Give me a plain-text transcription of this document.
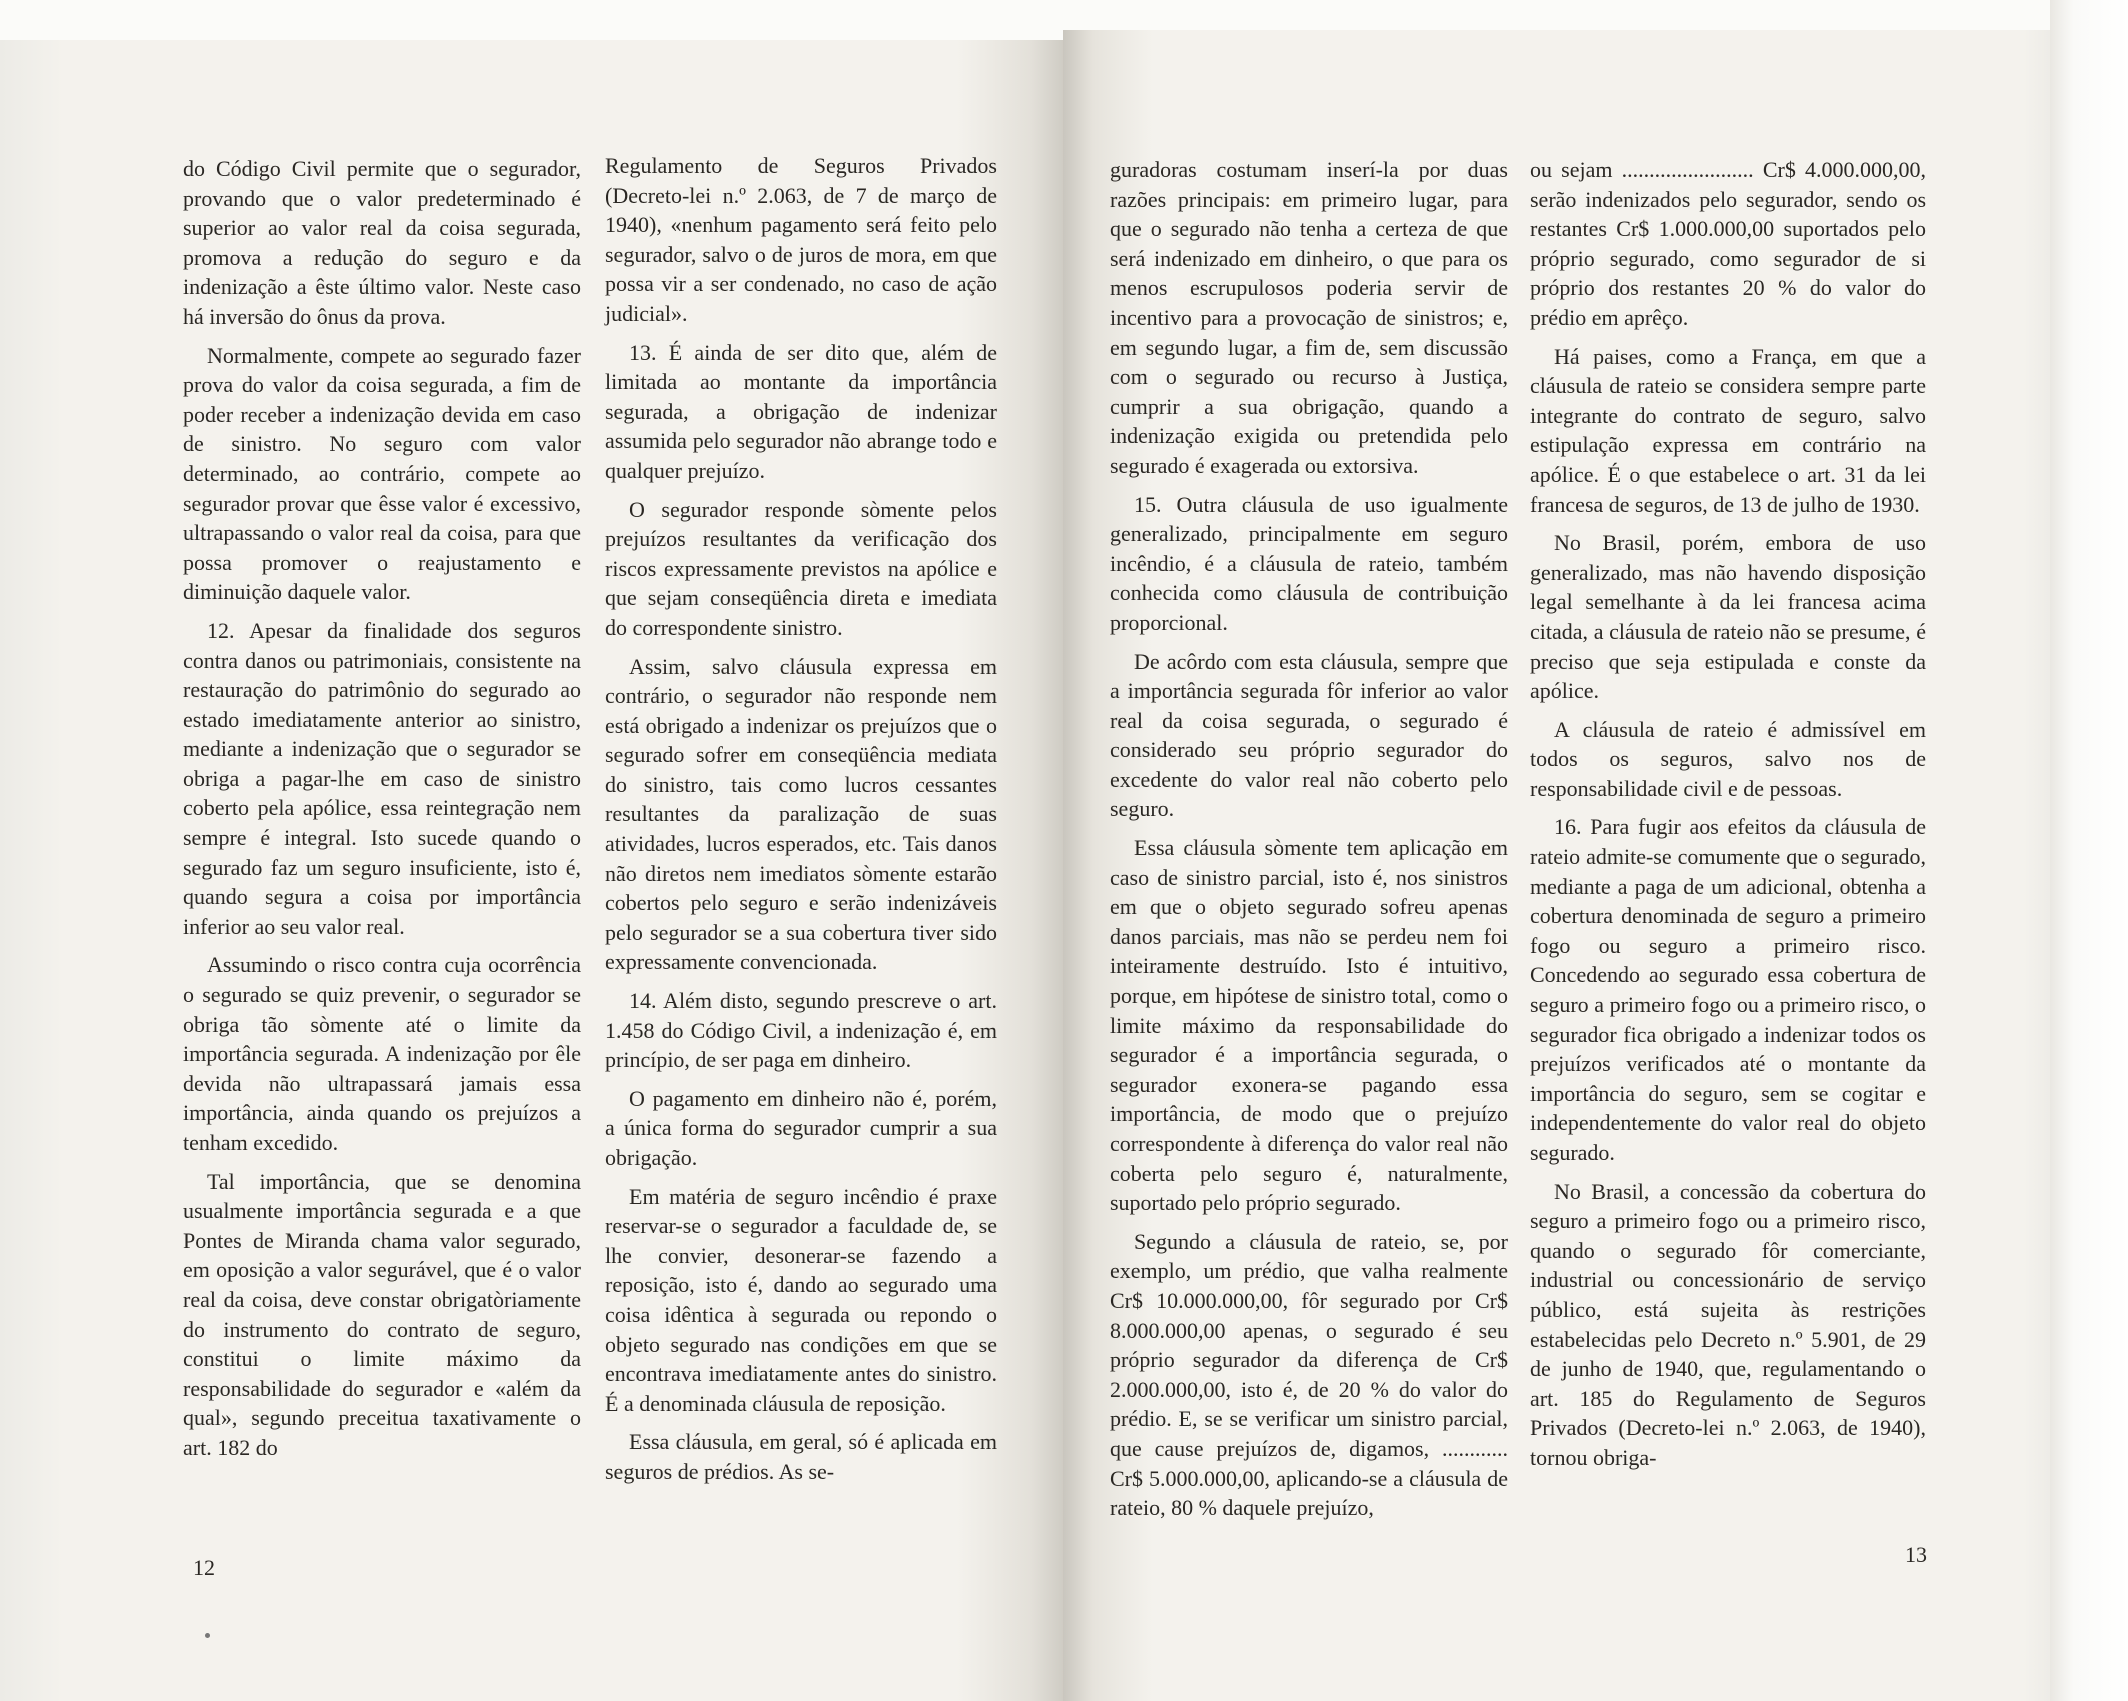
do Código Civil permite que o segurador, provando que o valor predeterminado é superior ao valor real da coisa segurada, promova a redução do seguro e da indenização a êste último valor. Neste caso há inversão do ônus da prova.

Normalmente, compete ao segurado fazer prova do valor da coisa segurada, a fim de poder receber a indenização devida em caso de sinistro. No seguro com valor determinado, ao contrário, compete ao segurador provar que êsse valor é excessivo, ultrapassando o valor real da coisa, para que possa promover o reajustamento e diminuição daquele valor.

12. Apesar da finalidade dos seguros contra danos ou patrimoniais, consistente na restauração do patrimônio do segurado ao estado imediatamente anterior ao sinistro, mediante a indenização que o segurador se obriga a pagar-lhe em caso de sinistro coberto pela apólice, essa reintegração nem sempre é integral. Isto sucede quando o segurado faz um seguro insuficiente, isto é, quando segura a coisa por importância inferior ao seu valor real.

Assumindo o risco contra cuja ocorrência o segurado se quiz prevenir, o segurador se obriga tão sòmente até o limite da importância segurada. A indenização por êle devida não ultrapassará jamais essa importância, ainda quando os prejuízos a tenham excedido.

Tal importância, que se denomina usualmente importância segurada e a que Pontes de Miranda chama valor segurado, em oposição a valor segurável, que é o valor real da coisa, deve constar obrigatòriamente do instrumento do contrato de seguro, constitui o limite máximo da responsabilidade do segurador e «além da qual», segundo preceitua taxativamente o art. 182 do

Regulamento de Seguros Privados (Decreto-lei n.º 2.063, de 7 de março de 1940), «nenhum pagamento será feito pelo segurador, salvo o de juros de mora, em que possa vir a ser condenado, no caso de ação judicial».

13. É ainda de ser dito que, além de limitada ao montante da importância segurada, a obrigação de indenizar assumida pelo segurador não abrange todo e qualquer prejuízo.

O segurador responde sòmente pelos prejuízos resultantes da verificação dos riscos expressamente previstos na apólice e que sejam conseqüência direta e imediata do correspondente sinistro.

Assim, salvo cláusula expressa em contrário, o segurador não responde nem está obrigado a indenizar os prejuízos que o segurado sofrer em conseqüência mediata do sinistro, tais como lucros cessantes resultantes da paralização de suas atividades, lucros esperados, etc. Tais danos não diretos nem imediatos sòmente estarão cobertos pelo seguro e serão indenizáveis pelo segurador se a sua cobertura tiver sido expressamente convencionada.

14. Além disto, segundo prescreve o art. 1.458 do Código Civil, a indenização é, em princípio, de ser paga em dinheiro.

O pagamento em dinheiro não é, porém, a única forma do segurador cumprir a sua obrigação.

Em matéria de seguro incêndio é praxe reservar-se o segurador a faculdade de, se lhe convier, desonerar-se fazendo a reposição, isto é, dando ao segurado uma coisa idêntica à segurada ou repondo o objeto segurado nas condições em que se encontrava imediatamente antes do sinistro. É a denominada cláusula de reposição.

Essa cláusula, em geral, só é aplicada em seguros de prédios. As se-

guradoras costumam inserí-la por duas razões principais: em primeiro lugar, para que o segurado não tenha a certeza de que será indenizado em dinheiro, o que para os menos escrupulosos poderia servir de incentivo para a provocação de sinistros; e, em segundo lugar, a fim de, sem discussão com o segurado ou recurso à Justiça, cumprir a sua obrigação, quando a indenização exigida ou pretendida pelo segurado é exagerada ou extorsiva.

15. Outra cláusula de uso igualmente generalizado, principalmente em seguro incêndio, é a cláusula de rateio, também conhecida como cláusula de contribuição proporcional.

De acôrdo com esta cláusula, sempre que a importância segurada fôr inferior ao valor real da coisa segurada, o segurado é considerado seu próprio segurador do excedente do valor real não coberto pelo seguro.

Essa cláusula sòmente tem aplicação em caso de sinistro parcial, isto é, nos sinistros em que o objeto segurado sofreu apenas danos parciais, mas não se perdeu nem foi inteiramente destruído. Isto é intuitivo, porque, em hipótese de sinistro total, como o limite máximo da responsabilidade do segurador é a importância segurada, o segurador exonera-se pagando essa importância, de modo que o prejuízo correspondente à diferença do valor real não coberta pelo seguro é, naturalmente, suportado pelo próprio segurado.

Segundo a cláusula de rateio, se, por exemplo, um prédio, que valha realmente Cr$ 10.000.000,00, fôr segurado por Cr$ 8.000.000,00 apenas, o segurado é seu próprio segurador da diferença de Cr$ 2.000.000,00, isto é, de 20 % do valor do prédio. E, se se verificar um sinistro parcial, que cause prejuízos de, digamos, ............ Cr$ 5.000.000,00, aplicando-se a cláusula de rateio, 80 % daquele prejuízo,

ou sejam ........................ Cr$ 4.000.000,00, serão indenizados pelo segurador, sendo os restantes Cr$ 1.000.000,00 suportados pelo próprio segurado, como segurador de si próprio dos restantes 20 % do valor do prédio em aprêço.

Há paises, como a França, em que a cláusula de rateio se considera sempre parte integrante do contrato de seguro, salvo estipulação expressa em contrário na apólice. É o que estabelece o art. 31 da lei francesa de seguros, de 13 de julho de 1930.

No Brasil, porém, embora de uso generalizado, mas não havendo disposição legal semelhante à da lei francesa acima citada, a cláusula de rateio não se presume, é preciso que seja estipulada e conste da apólice.

A cláusula de rateio é admissível em todos os seguros, salvo nos de responsabilidade civil e de pessoas.

16. Para fugir aos efeitos da cláusula de rateio admite-se comumente que o segurado, mediante a paga de um adicional, obtenha a cobertura denominada de seguro a primeiro fogo ou seguro a primeiro risco. Concedendo ao segurado essa cobertura de seguro a primeiro fogo ou a primeiro risco, o segurador fica obrigado a indenizar todos os prejuízos verificados até o montante da importância do seguro, sem se cogitar e independentemente do valor real do objeto segurado.

No Brasil, a concessão da cobertura do seguro a primeiro fogo ou a primeiro risco, quando o segurado fôr comerciante, industrial ou concessionário de serviço público, está sujeita às restrições estabelecidas pelo Decreto n.º 5.901, de 29 de junho de 1940, que, regulamentando o art. 185 do Regulamento de Seguros Privados (Decreto-lei n.º 2.063, de 1940), tornou obriga-

12
13
